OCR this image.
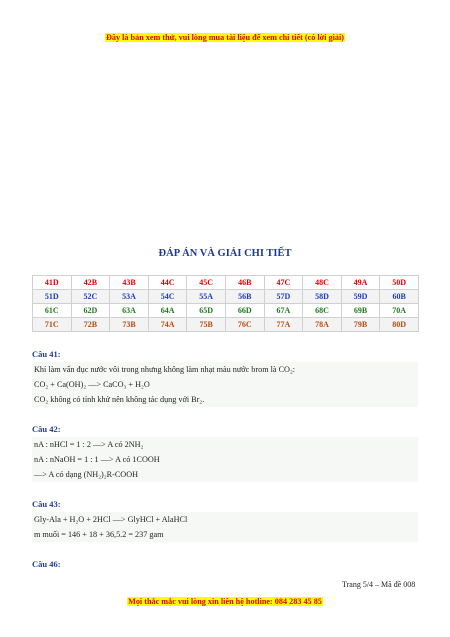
Đây là bản xem thử, vui lòng mua tài liệu để xem chi tiết (có lời giải)
ĐÁP ÁN VÀ GIẢI CHI TIẾT
41D	42B	43B	44C	45C	46B	47C	48C	49A	50D
51D	52C	53A	54C	55A	56B	57D	58D	59D	60B
61C	62D	63A	64A	65D	66D	67A	68C	69B	70A
71C	72B	73B	74A	75B	76C	77A	78A	79B	80D
Câu 41:
Khí làm vẩn đục nước vôi trong nhưng không làm nhạt màu nước brom là CO₂:
CO₂ + Ca(OH)₂ —> CaCO₃ + H₂O
CO₂ không có tính khử nên không tác dụng với Br₂.
Câu 42:
nA : nHCl = 1 : 2 —> A có 2NH₂
nA : nNaOH = 1 : 1 —> A có 1COOH
—> A có dạng (NH₂)₂R-COOH
Câu 43:
Gly-Ala + H₂O + 2HCl —> GlyHCl + AlaHCl
m muối = 146 + 18 + 36,5.2 = 237 gam
Câu 46:
Trang 5/4 – Mã đề 008
Mọi thắc mắc vui lòng xin liên hệ hotline: 084 283 45 85
